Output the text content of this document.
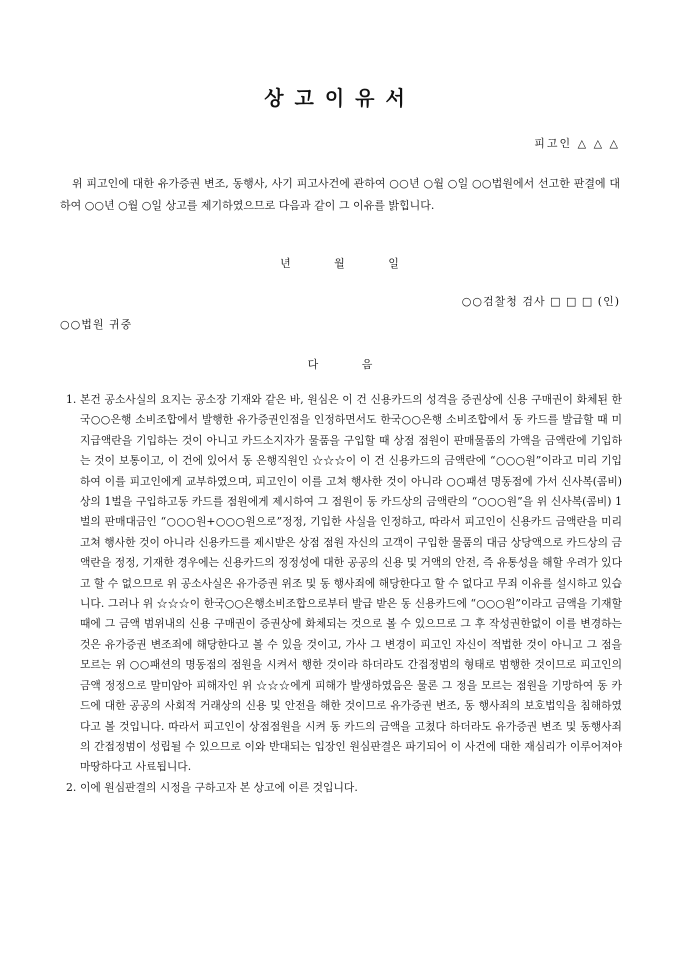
상고이유서
피고인 △ △ △
위 피고인에 대한 유가증권 변조, 동행사, 사기 피고사건에 관하여 ○○년 ○월 ○일 ○○법원에서 선고한 판결에 대하여 ○○년 ○월 ○일 상고를 제기하였으므로 다음과 같이 그 이유를 밝힙니다.
년 월 일
○○검찰청 검사 □ □ □ (인)
○○법원 귀중
다 음
1. 본건 공소사실의 요지는 공소장 기재와 같은 바, 원심은 이 건 신용카드의 성격을 증권상에 신용 구매권이 화체된 한국○○은행 소비조합에서 발행한 유가증권인점을 인정하면서도 한국○○은행 소비조합에서 동 카드를 발급할 때 미지급액란을 기입하는 것이 아니고 카드소지자가 물품을 구입할 때 상점 점원이 판매물품의 가액을 금액란에 기입하는 것이 보통이고, 이 건에 있어서 동 은행직원인 ☆☆☆이 이 건 신용카드의 금액란에 “○○○원”이라고 미리 기입하여 이를 피고인에게 교부하였으며, 피고인이 이를 고쳐 행사한 것이 아니라 ○○패션 명동점에 가서 신사복(콤비)상의 1벌을 구입하고동 카드를 점원에게 제시하여 그 점원이 동 카드상의 금액란의 “○○○원”을 위 신사복(콤비) 1벌의 판매대금인 “○○○원+○○○원으로”정정, 기입한 사실을 인정하고, 따라서 피고인이 신용카드 금액란을 미리 고쳐 행사한 것이 아니라 신용카드를 제시받은 상점 점원 자신의 고객이 구입한 물품의 대금 상당액으로 카드상의 금액란을 정정, 기재한 경우에는 신용카드의 정정성에 대한 공공의 신용 및 거액의 안전, 즉 유통성을 해할 우려가 있다고 할 수 없으므로 위 공소사실은 유가증권 위조 및 동 행사죄에 해당한다고 할 수 없다고 무죄 이유를 설시하고 있습니다. 그러나 위 ☆☆☆이 한국○○은행소비조합으로부터 발급 받은 동 신용카드에 “○○○원”이라고 금액을 기재할 때에 그 금액 범위내의 신용 구매권이 증권상에 화체되는 것으로 볼 수 있으므로 그 후 작성권한없이 이를 변경하는 것은 유가증권 변조죄에 해당한다고 볼 수 있을 것이고, 가사 그 변경이 피고인 자신이 적법한 것이 아니고 그 점을 모르는 위 ○○패션의 명동점의 점원을 시켜서 행한 것이라 하더라도 간접정범의 형태로 범행한 것이므로 피고인의 금액 정정으로 말미암아 피해자인 위 ☆☆☆에게 피해가 발생하였음은 물론 그 정을 모르는 점원을 기망하여 동 카드에 대한 공공의 사회적 거래상의 신용 및 안전을 해한 것이므로 유가증권 변조, 동 행사죄의 보호법익을 침해하였다고 볼 것입니다. 따라서 피고인이 상점점원을 시켜 동 카드의 금액을 고쳤다 하더라도 유가증권 변조 및 동행사죄의 간접정범이 성립될 수 있으므로 이와 반대되는 입장인 원심판결은 파기되어 이 사건에 대한 재심리가 이루어져야 마땅하다고 사료됩니다.
2. 이에 원심판결의 시정을 구하고자 본 상고에 이른 것입니다.
